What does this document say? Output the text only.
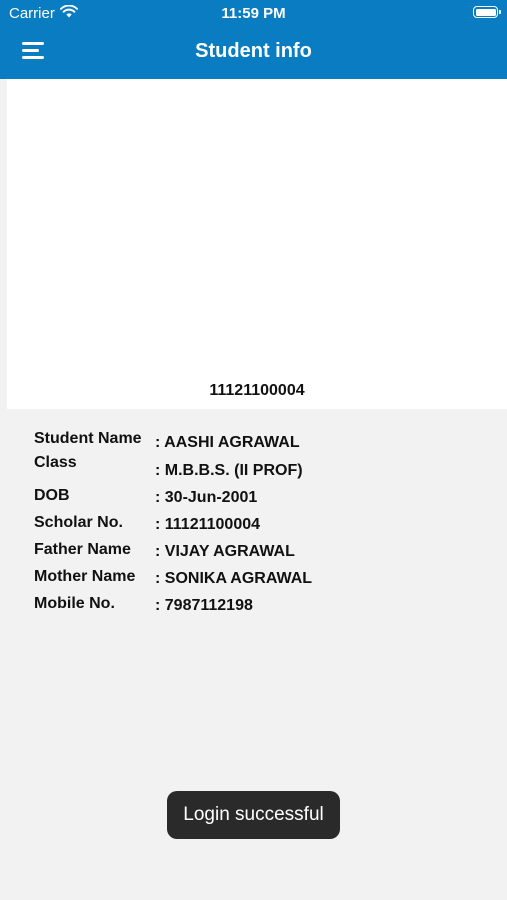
Carrier	11:59 PM
Student info
11121100004
Student Name : AASHI AGRAWAL
Class	: M.B.B.S. (II PROF)
DOB	: 30-Jun-2001
Scholar No. : 11121100004
Father Name : VIJAY AGRAWAL
Mother Name : SONIKA AGRAWAL
Mobile No.	: 7987112198
Login successful
